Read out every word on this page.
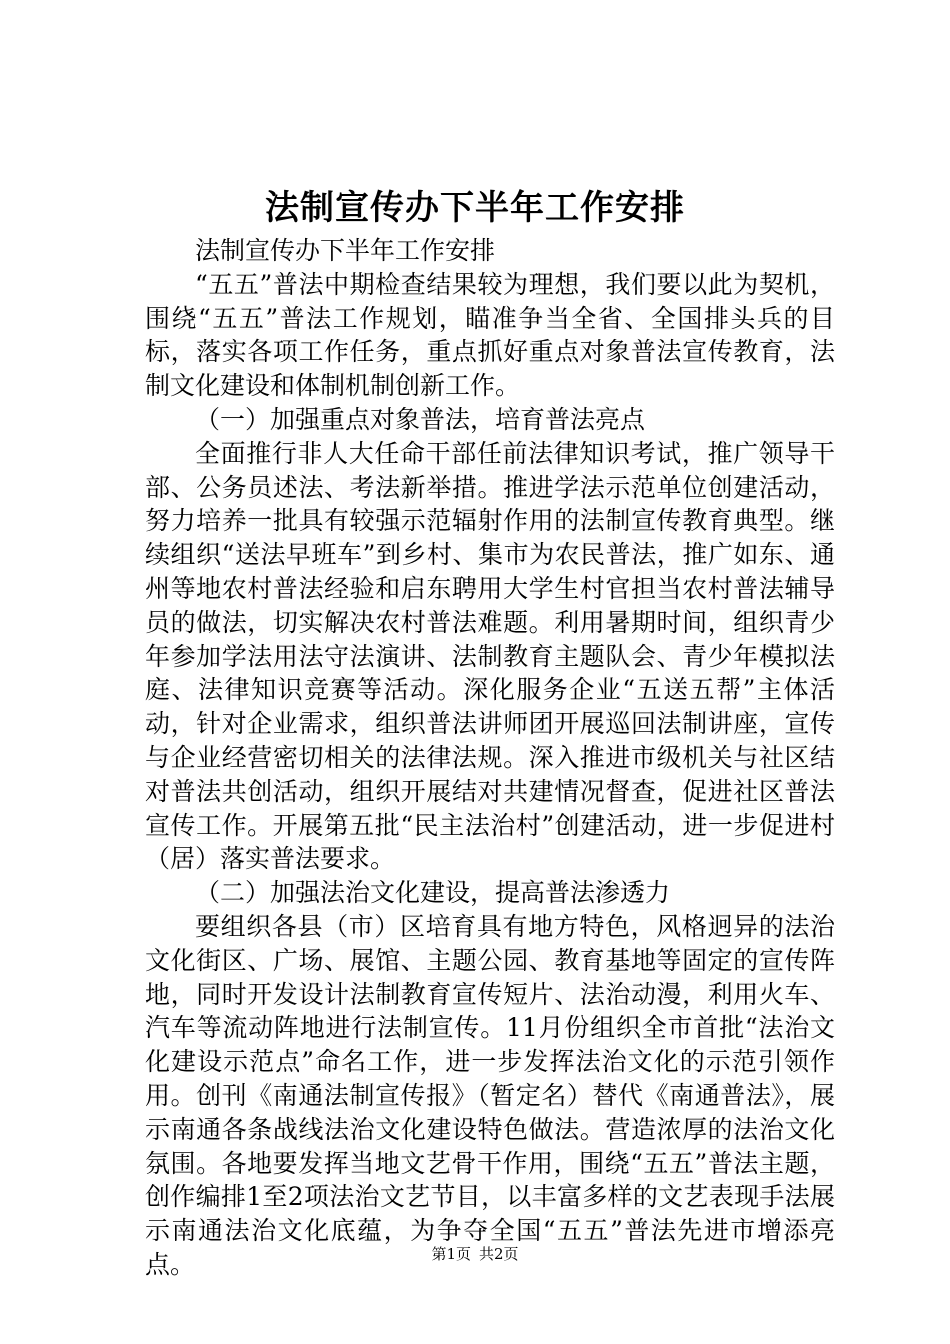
法制宣传办下半年工作安排

法制宣传办下半年工作安排

“五五”普法中期检查结果较为理想，我们要以此为契机，围绕“五五”普法工作规划，瞄准争当全省、全国排头兵的目标，落实各项工作任务，重点抓好重点对象普法宣传教育，法制文化建设和体制机制创新工作。

（一）加强重点对象普法，培育普法亮点

全面推行非人大任命干部任前法律知识考试，推广领导干部、公务员述法、考法新举措。推进学法示范单位创建活动，努力培养一批具有较强示范辐射作用的法制宣传教育典型。继续组织“送法早班车”到乡村、集市为农民普法，推广如东、通州等地农村普法经验和启东聘用大学生村官担当农村普法辅导员的做法，切实解决农村普法难题。利用暑期时间，组织青少年参加学法用法守法演讲、法制教育主题队会、青少年模拟法庭、法律知识竞赛等活动。深化服务企业“五送五帮”主体活动，针对企业需求，组织普法讲师团开展巡回法制讲座，宣传与企业经营密切相关的法律法规。深入推进市级机关与社区结对普法共创活动，组织开展结对共建情况督查，促进社区普法宣传工作。开展第五批“民主法治村”创建活动，进一步促进村（居）落实普法要求。

（二）加强法治文化建设，提高普法渗透力

要组织各县（市）区培育具有地方特色，风格迥异的法治文化街区、广场、展馆、主题公园、教育基地等固定的宣传阵地，同时开发设计法制教育宣传短片、法治动漫，利用火车、汽车等流动阵地进行法制宣传。11月份组织全市首批“法治文化建设示范点”命名工作，进一步发挥法治文化的示范引领作用。创刊《南通法制宣传报》（暂定名）替代《南通普法》，展示南通各条战线法治文化建设特色做法。营造浓厚的法治文化氛围。各地要发挥当地文艺骨干作用，围绕“五五”普法主题，创作编排1至2项法治文艺节目，以丰富多样的文艺表现手法展示南通法治文化底蕴，为争夺全国“五五”普法先进市增添亮点。	第1页 共2页
